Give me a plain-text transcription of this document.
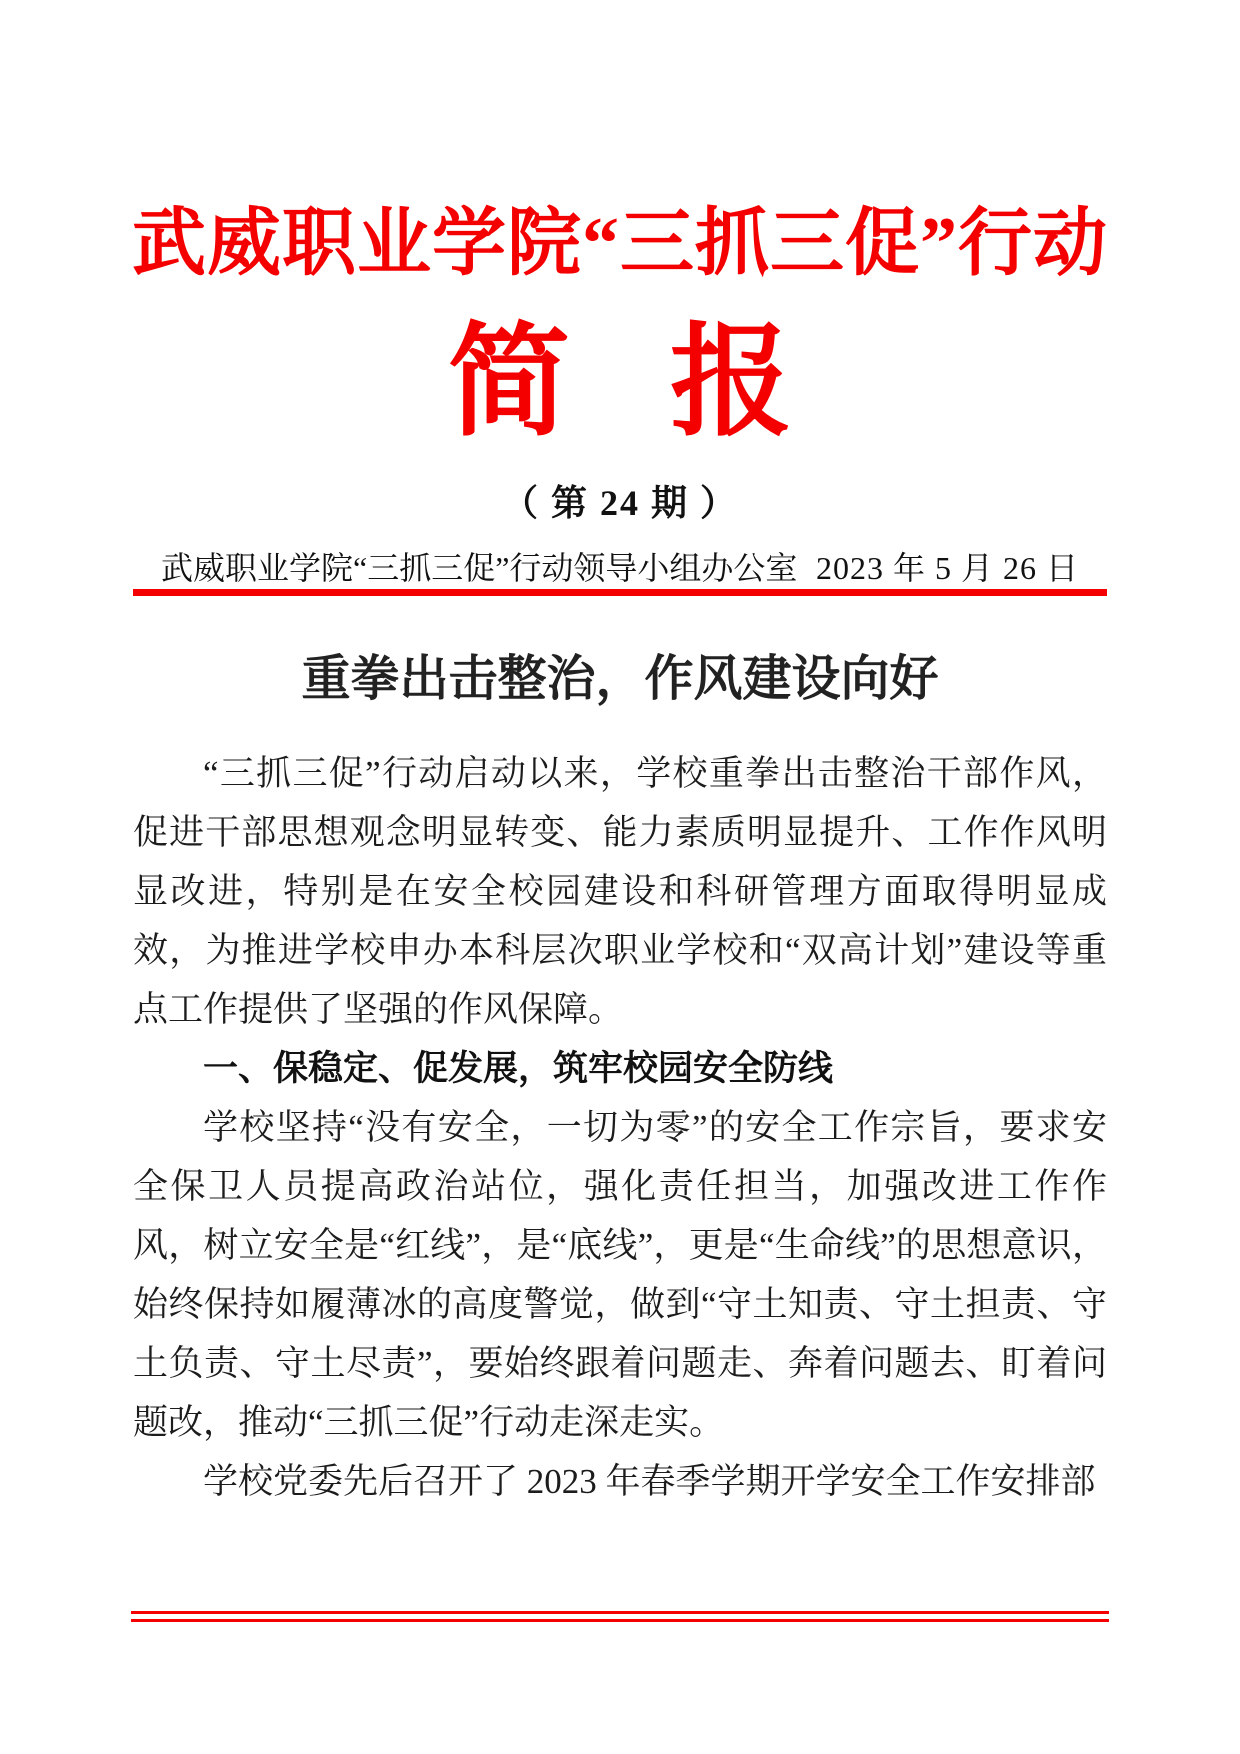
武威职业学院“三抓三促”行动
简 报
（ 第 24 期 ）
武威职业学院“三抓三促”行动领导小组办公室 2023 年 5 月 26 日
重拳出击整治，作风建设向好

“三抓三促”行动启动以来，学校重拳出击整治干部作风，促进干部思想观念明显转变、能力素质明显提升、工作作风明显改进，特别是在安全校园建设和科研管理方面取得明显成效，为推进学校申办本科层次职业学校和“双高计划”建设等重点工作提供了坚强的作风保障。

一、保稳定、促发展，筑牢校园安全防线

学校坚持“没有安全，一切为零”的安全工作宗旨，要求安全保卫人员提高政治站位，强化责任担当，加强改进工作作风，树立安全是“红线”，是“底线”，更是“生命线”的思想意识，始终保持如履薄冰的高度警觉，做到“守土知责、守土担责、守土负责、守土尽责”，要始终跟着问题走、奔着问题去、盯着问题改，推动“三抓三促”行动走深走实。

学校党委先后召开了 2023 年春季学期开学安全工作安排部
